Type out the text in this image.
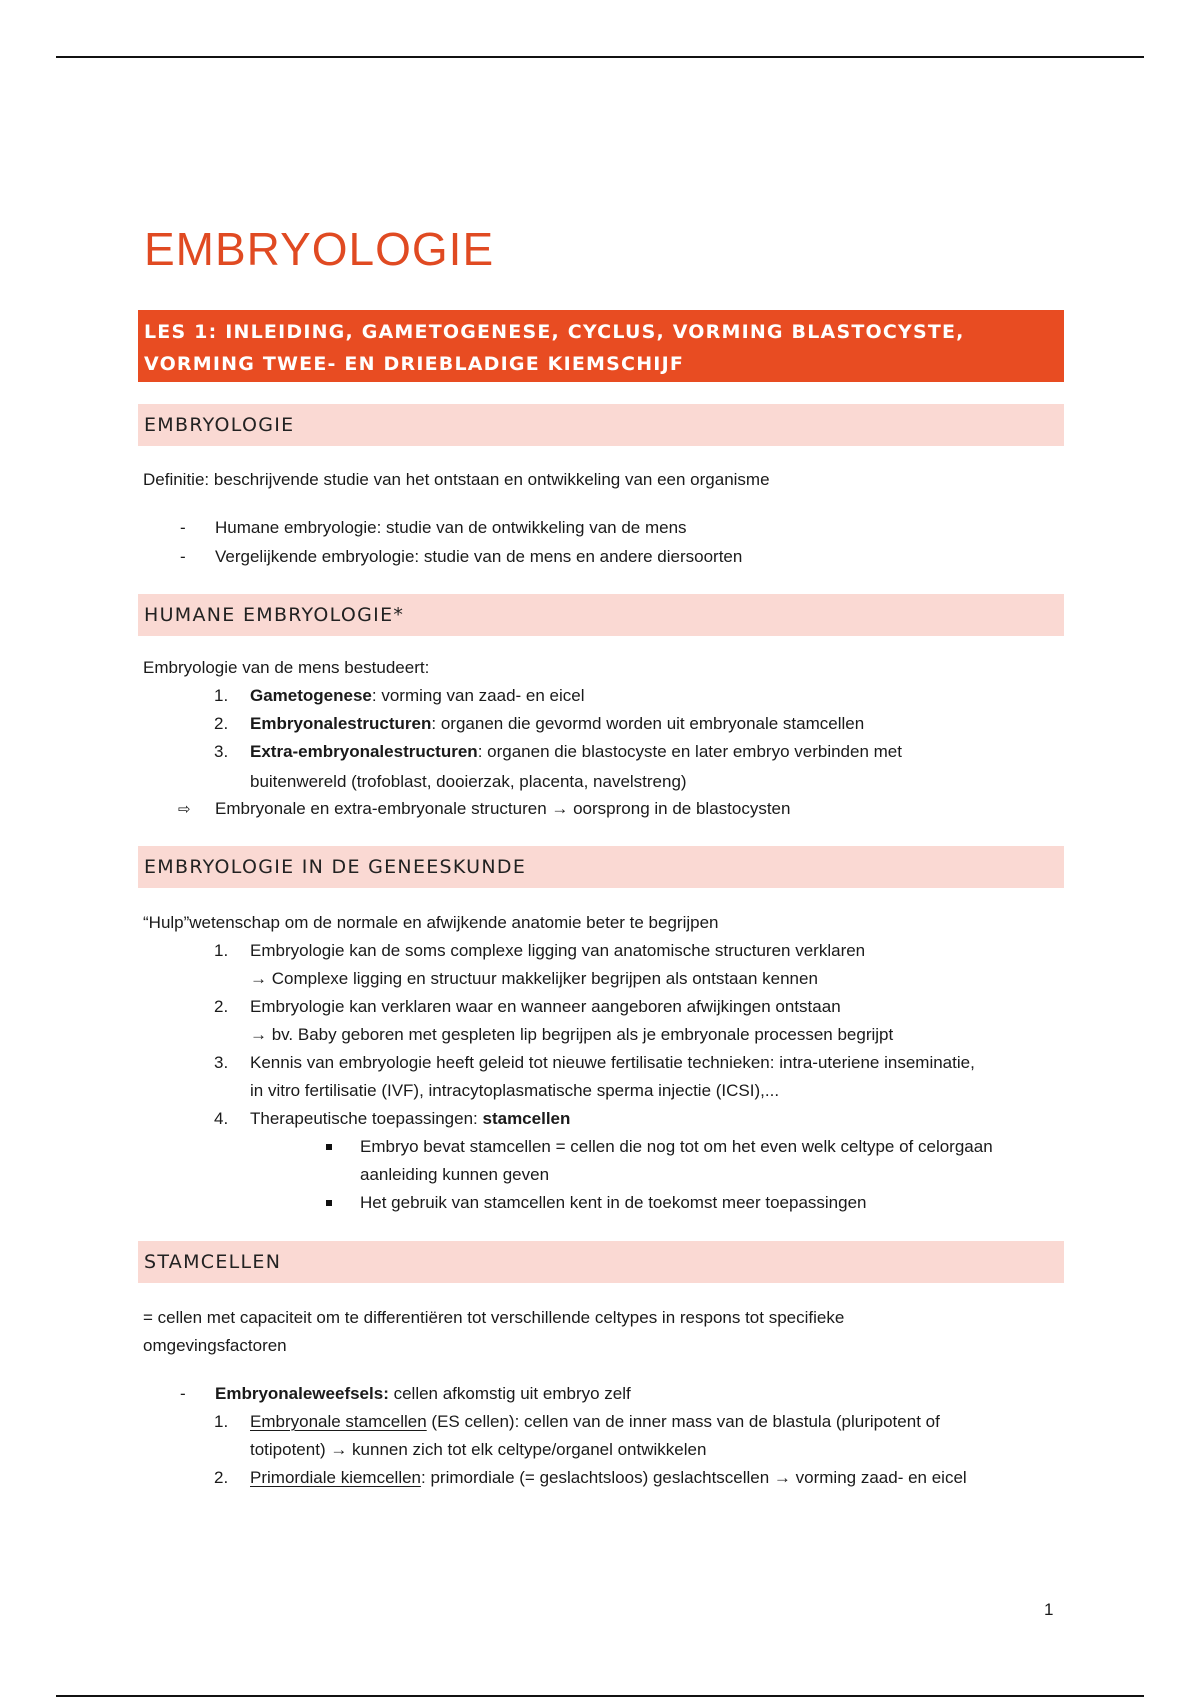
EMBRYOLOGIE
LES 1: INLEIDING, GAMETOGENESE, CYCLUS, VORMING BLASTOCYSTE,
VORMING TWEE- EN DRIEBLADIGE KIEMSCHIJF
EMBRYOLOGIE
Definitie: beschrijvende studie van het ontstaan en ontwikkeling van een organisme
- Humane embryologie: studie van de ontwikkeling van de mens
- Vergelijkende embryologie: studie van de mens en andere diersoorten
HUMANE EMBRYOLOGIE*
Embryologie van de mens bestudeert:
1. Gametogenese: vorming van zaad- en eicel
2. Embryonalestructuren: organen die gevormd worden uit embryonale stamcellen
3. Extra-embryonalestructuren: organen die blastocyste en later embryo verbinden met
buitenwereld (trofoblast, dooierzak, placenta, navelstreng)
⇨ Embryonale en extra-embryonale structuren → oorsprong in de blastocysten
EMBRYOLOGIE IN DE GENEESKUNDE
“Hulp”wetenschap om de normale en afwijkende anatomie beter te begrijpen
1. Embryologie kan de soms complexe ligging van anatomische structuren verklaren
→ Complexe ligging en structuur makkelijker begrijpen als ontstaan kennen
2. Embryologie kan verklaren waar en wanneer aangeboren afwijkingen ontstaan
→ bv. Baby geboren met gespleten lip begrijpen als je embryonale processen begrijpt
3. Kennis van embryologie heeft geleid tot nieuwe fertilisatie technieken: intra-uteriene inseminatie,
in vitro fertilisatie (IVF), intracytoplasmatische sperma injectie (ICSI),...
4. Therapeutische toepassingen: stamcellen
Embryo bevat stamcellen = cellen die nog tot om het even welk celtype of celorgaan
aanleiding kunnen geven
Het gebruik van stamcellen kent in de toekomst meer toepassingen
STAMCELLEN
= cellen met capaciteit om te differentiëren tot verschillende celtypes in respons tot specifieke
omgevingsfactoren
- Embryonaleweefsels: cellen afkomstig uit embryo zelf
1. Embryonale stamcellen (ES cellen): cellen van de inner mass van de blastula (pluripotent of
totipotent) → kunnen zich tot elk celtype/organel ontwikkelen
2. Primordiale kiemcellen: primordiale (= geslachtsloos) geslachtscellen → vorming zaad- en eicel
1
